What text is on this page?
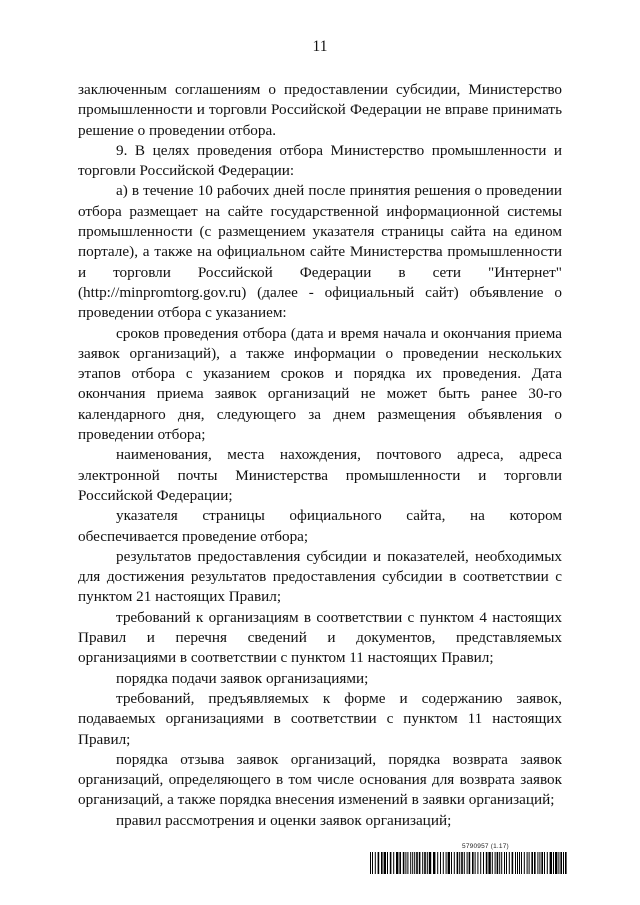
11

заключенным соглашениям о предоставлении субсидии, Министерство промышленности и торговли Российской Федерации не вправе принимать решение о проведении отбора.

9. В целях проведения отбора Министерство промышленности и торговли Российской Федерации:

а) в течение 10 рабочих дней после принятия решения о проведении отбора размещает на сайте государственной информационной системы промышленности (с размещением указателя страницы сайта на едином портале), а также на официальном сайте Министерства промышленности и торговли Российской Федерации в сети "Интернет" (http://minpromtorg.gov.ru) (далее - официальный сайт) объявление о проведении отбора с указанием:

сроков проведения отбора (дата и время начала и окончания приема заявок организаций), а также информации о проведении нескольких этапов отбора с указанием сроков и порядка их проведения. Дата окончания приема заявок организаций не может быть ранее 30-го календарного дня, следующего за днем размещения объявления о проведении отбора;

наименования, места нахождения, почтового адреса, адреса электронной почты Министерства промышленности и торговли Российской Федерации;

указателя страницы официального сайта, на котором обеспечивается проведение отбора;

результатов предоставления субсидии и показателей, необходимых для достижения результатов предоставления субсидии в соответствии с пунктом 21 настоящих Правил;

требований к организациям в соответствии с пунктом 4 настоящих Правил и перечня сведений и документов, представляемых организациями в соответствии с пунктом 11 настоящих Правил;

порядка подачи заявок организациями;

требований, предъявляемых к форме и содержанию заявок, подаваемых организациями в соответствии с пунктом 11 настоящих Правил;

порядка отзыва заявок организаций, порядка возврата заявок организаций, определяющего в том числе основания для возврата заявок организаций, а также порядка внесения изменений в заявки организаций;

правил рассмотрения и оценки заявок организаций;

5790957 (1.17)
